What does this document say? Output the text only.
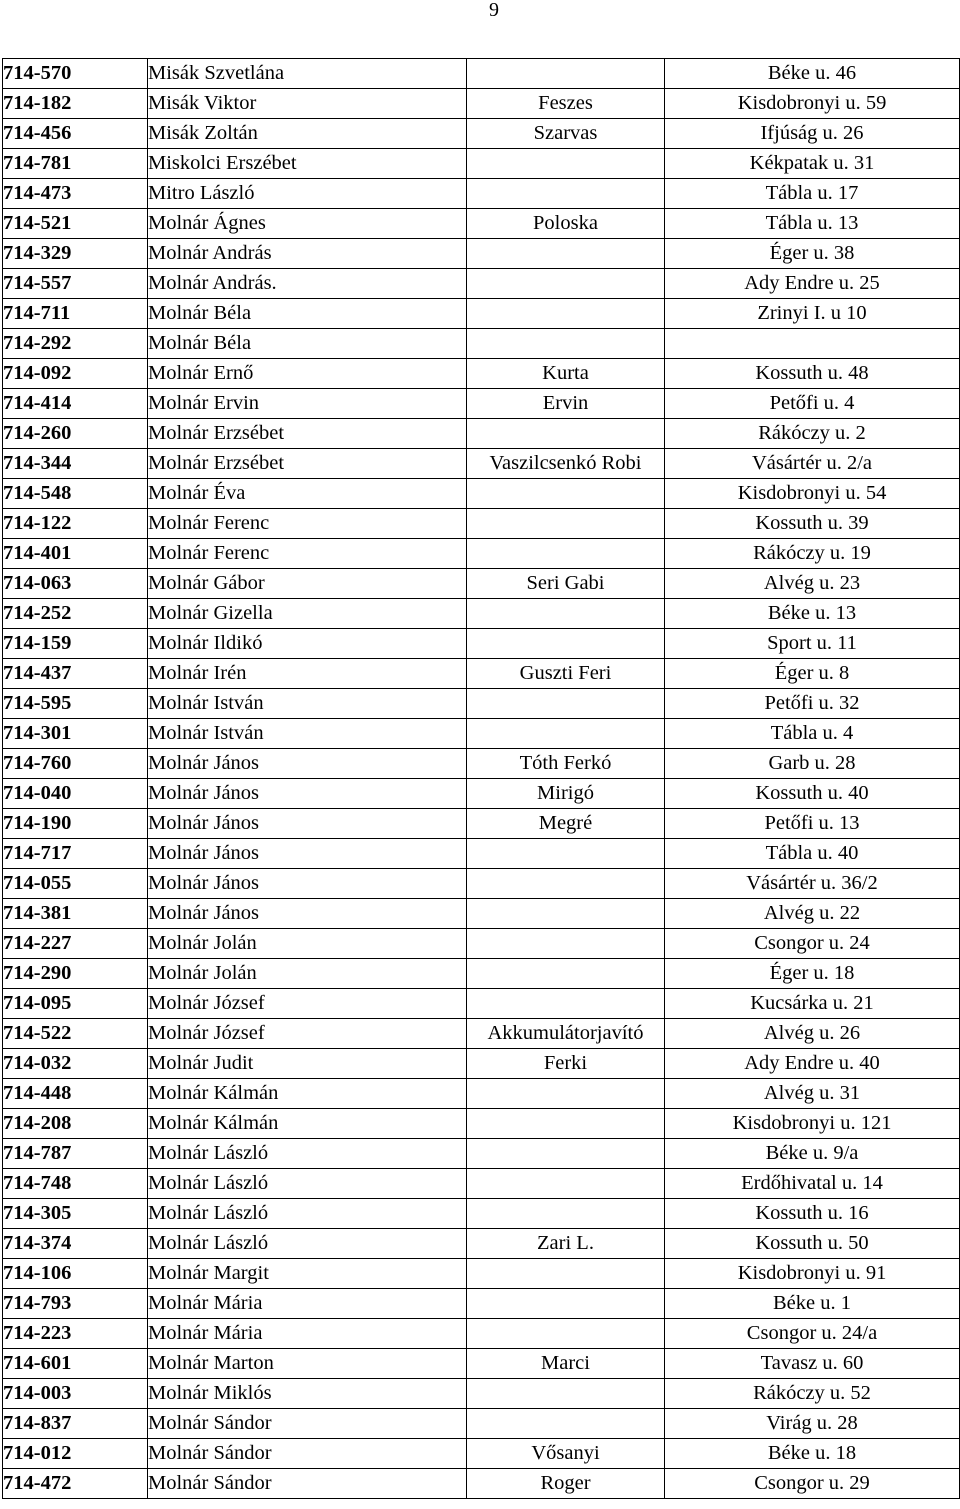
9
714-570	Misák Szvetlána		Béke u. 46
714-182	Misák Viktor	Feszes	Kisdobronyi u. 59
714-456	Misák Zoltán	Szarvas	Ifjúság u. 26
714-781	Miskolci Erszébet		Kékpatak u. 31
714-473	Mitro László		Tábla u. 17
714-521	Molnár Ágnes	Poloska	Tábla u. 13
714-329	Molnár András		Éger u. 38
714-557	Molnár András.		Ady Endre u. 25
714-711	Molnár Béla		Zrinyi I. u 10
714-292	Molnár Béla		
714-092	Molnár Ernő	Kurta	Kossuth u. 48
714-414	Molnár Ervin	Ervin	Petőfi u. 4
714-260	Molnár Erzsébet		Rákóczy u. 2
714-344	Molnár Erzsébet	Vaszilcsenkó Robi	Vásártér u. 2/a
714-548	Molnár Éva		Kisdobronyi u. 54
714-122	Molnár Ferenc		Kossuth u. 39
714-401	Molnár Ferenc		Rákóczy u. 19
714-063	Molnár Gábor	Seri Gabi	Alvég u. 23
714-252	Molnár Gizella		Béke u. 13
714-159	Molnár Ildikó		Sport u. 11
714-437	Molnár Irén	Guszti Feri	Éger u. 8
714-595	Molnár István		Petőfi u. 32
714-301	Molnár István		Tábla u. 4
714-760	Molnár János	Tóth Ferkó	Garb u. 28
714-040	Molnár János	Mirigó	Kossuth u. 40
714-190	Molnár János	Megré	Petőfi u. 13
714-717	Molnár János		Tábla u. 40
714-055	Molnár János		Vásártér u. 36/2
714-381	Molnár János		Alvég u. 22
714-227	Molnár Jolán		Csongor u. 24
714-290	Molnár Jolán		Éger u. 18
714-095	Molnár József		Kucsárka u. 21
714-522	Molnár József	Akkumulátorjavító	Alvég u. 26
714-032	Molnár Judit	Ferki	Ady Endre u. 40
714-448	Molnár Kálmán		Alvég u. 31
714-208	Molnár Kálmán		Kisdobronyi u. 121
714-787	Molnár László		Béke u. 9/a
714-748	Molnár László		Erdőhivatal u. 14
714-305	Molnár László		Kossuth u. 16
714-374	Molnár László	Zari L.	Kossuth u. 50
714-106	Molnár Margit		Kisdobronyi u. 91
714-793	Molnár Mária		Béke u. 1
714-223	Molnár Mária		Csongor u. 24/a
714-601	Molnár Marton	Marci	Tavasz u. 60
714-003	Molnár Miklós		Rákóczy u. 52
714-837	Molnár Sándor		Virág u. 28
714-012	Molnár Sándor	Vősanyi	Béke u. 18
714-472	Molnár Sándor	Roger	Csongor u. 29
